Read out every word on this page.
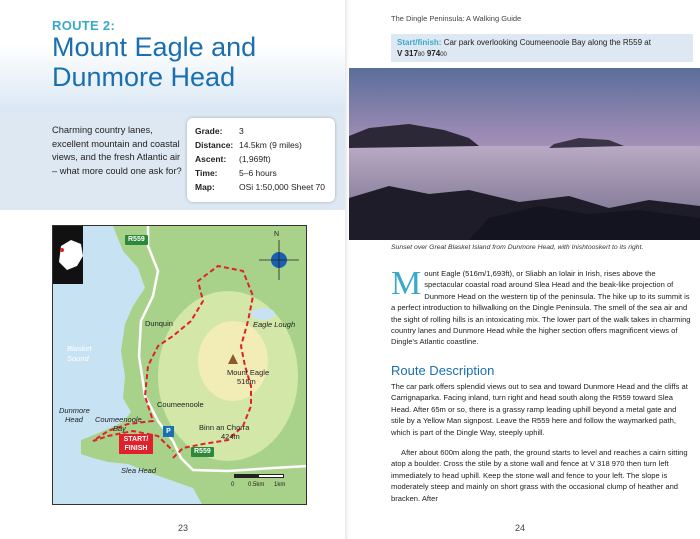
ROUTE 2:
Mount Eagle and
Dunmore Head
Charming country lanes, excellent mountain and coastal views, and the fresh Atlantic air – what more could one ask for?
Grade:	3
Distance: 14.5km (9 miles)
Ascent:	(1,969ft)
Time:	5–6 hours
Map:	OSi 1:50,000 Sheet 70
R559
N
Dunquin	Eagle Lough
Blasket
Sound
Mount Eagle
516m
Coumeenoole
Binn an Chorra
424m
Dunmore
Head Coumeenoole
Bay
START/
FINISH
P
Slea Head
R559
0 0.5km 1km
23
The Dingle Peninsula: A Walking Guide
Start/finish: Car park overlooking Coumeenoole Bay along the R559 at
V 31780 97400
Sunset over Great Blasket Island from Dunmore Head, with Inishtooskert to its right.
Mount Eagle (516m/1,693ft), or Sliabh an Iolair in Irish, rises above the spectacular coastal road around Slea Head and the beak-like projection of Dunmore Head on the western tip of the peninsula. The hike up to its summit is a perfect introduction to hillwalking on the Dingle Peninsula. The smell of the sea air and the sight of rolling hills is an intoxicating mix. The lower part of the walk takes in charming country lanes and Dunmore Head while the higher section offers magnificent views of Dingle's Atlantic coastline.
Route Description
The car park offers splendid views out to sea and toward Dunmore Head and the cliffs at Carrignaparka. Facing inland, turn right and head south along the R559 toward Slea Head. After 65m or so, there is a grassy ramp leading uphill beyond a metal gate and stile by a Yellow Man signpost. Leave the R559 here and follow the waymarked path, which is part of the Dingle Way, steeply uphill.
After about 600m along the path, the ground starts to level and reaches a cairn sitting atop a boulder. Cross the stile by a stone wall and fence at V 318 970 then turn left immediately to head uphill. Keep the stone wall and fence to your left. The slope is moderately steep and mainly on short grass with the occasional clump of heather and bracken. After
24
